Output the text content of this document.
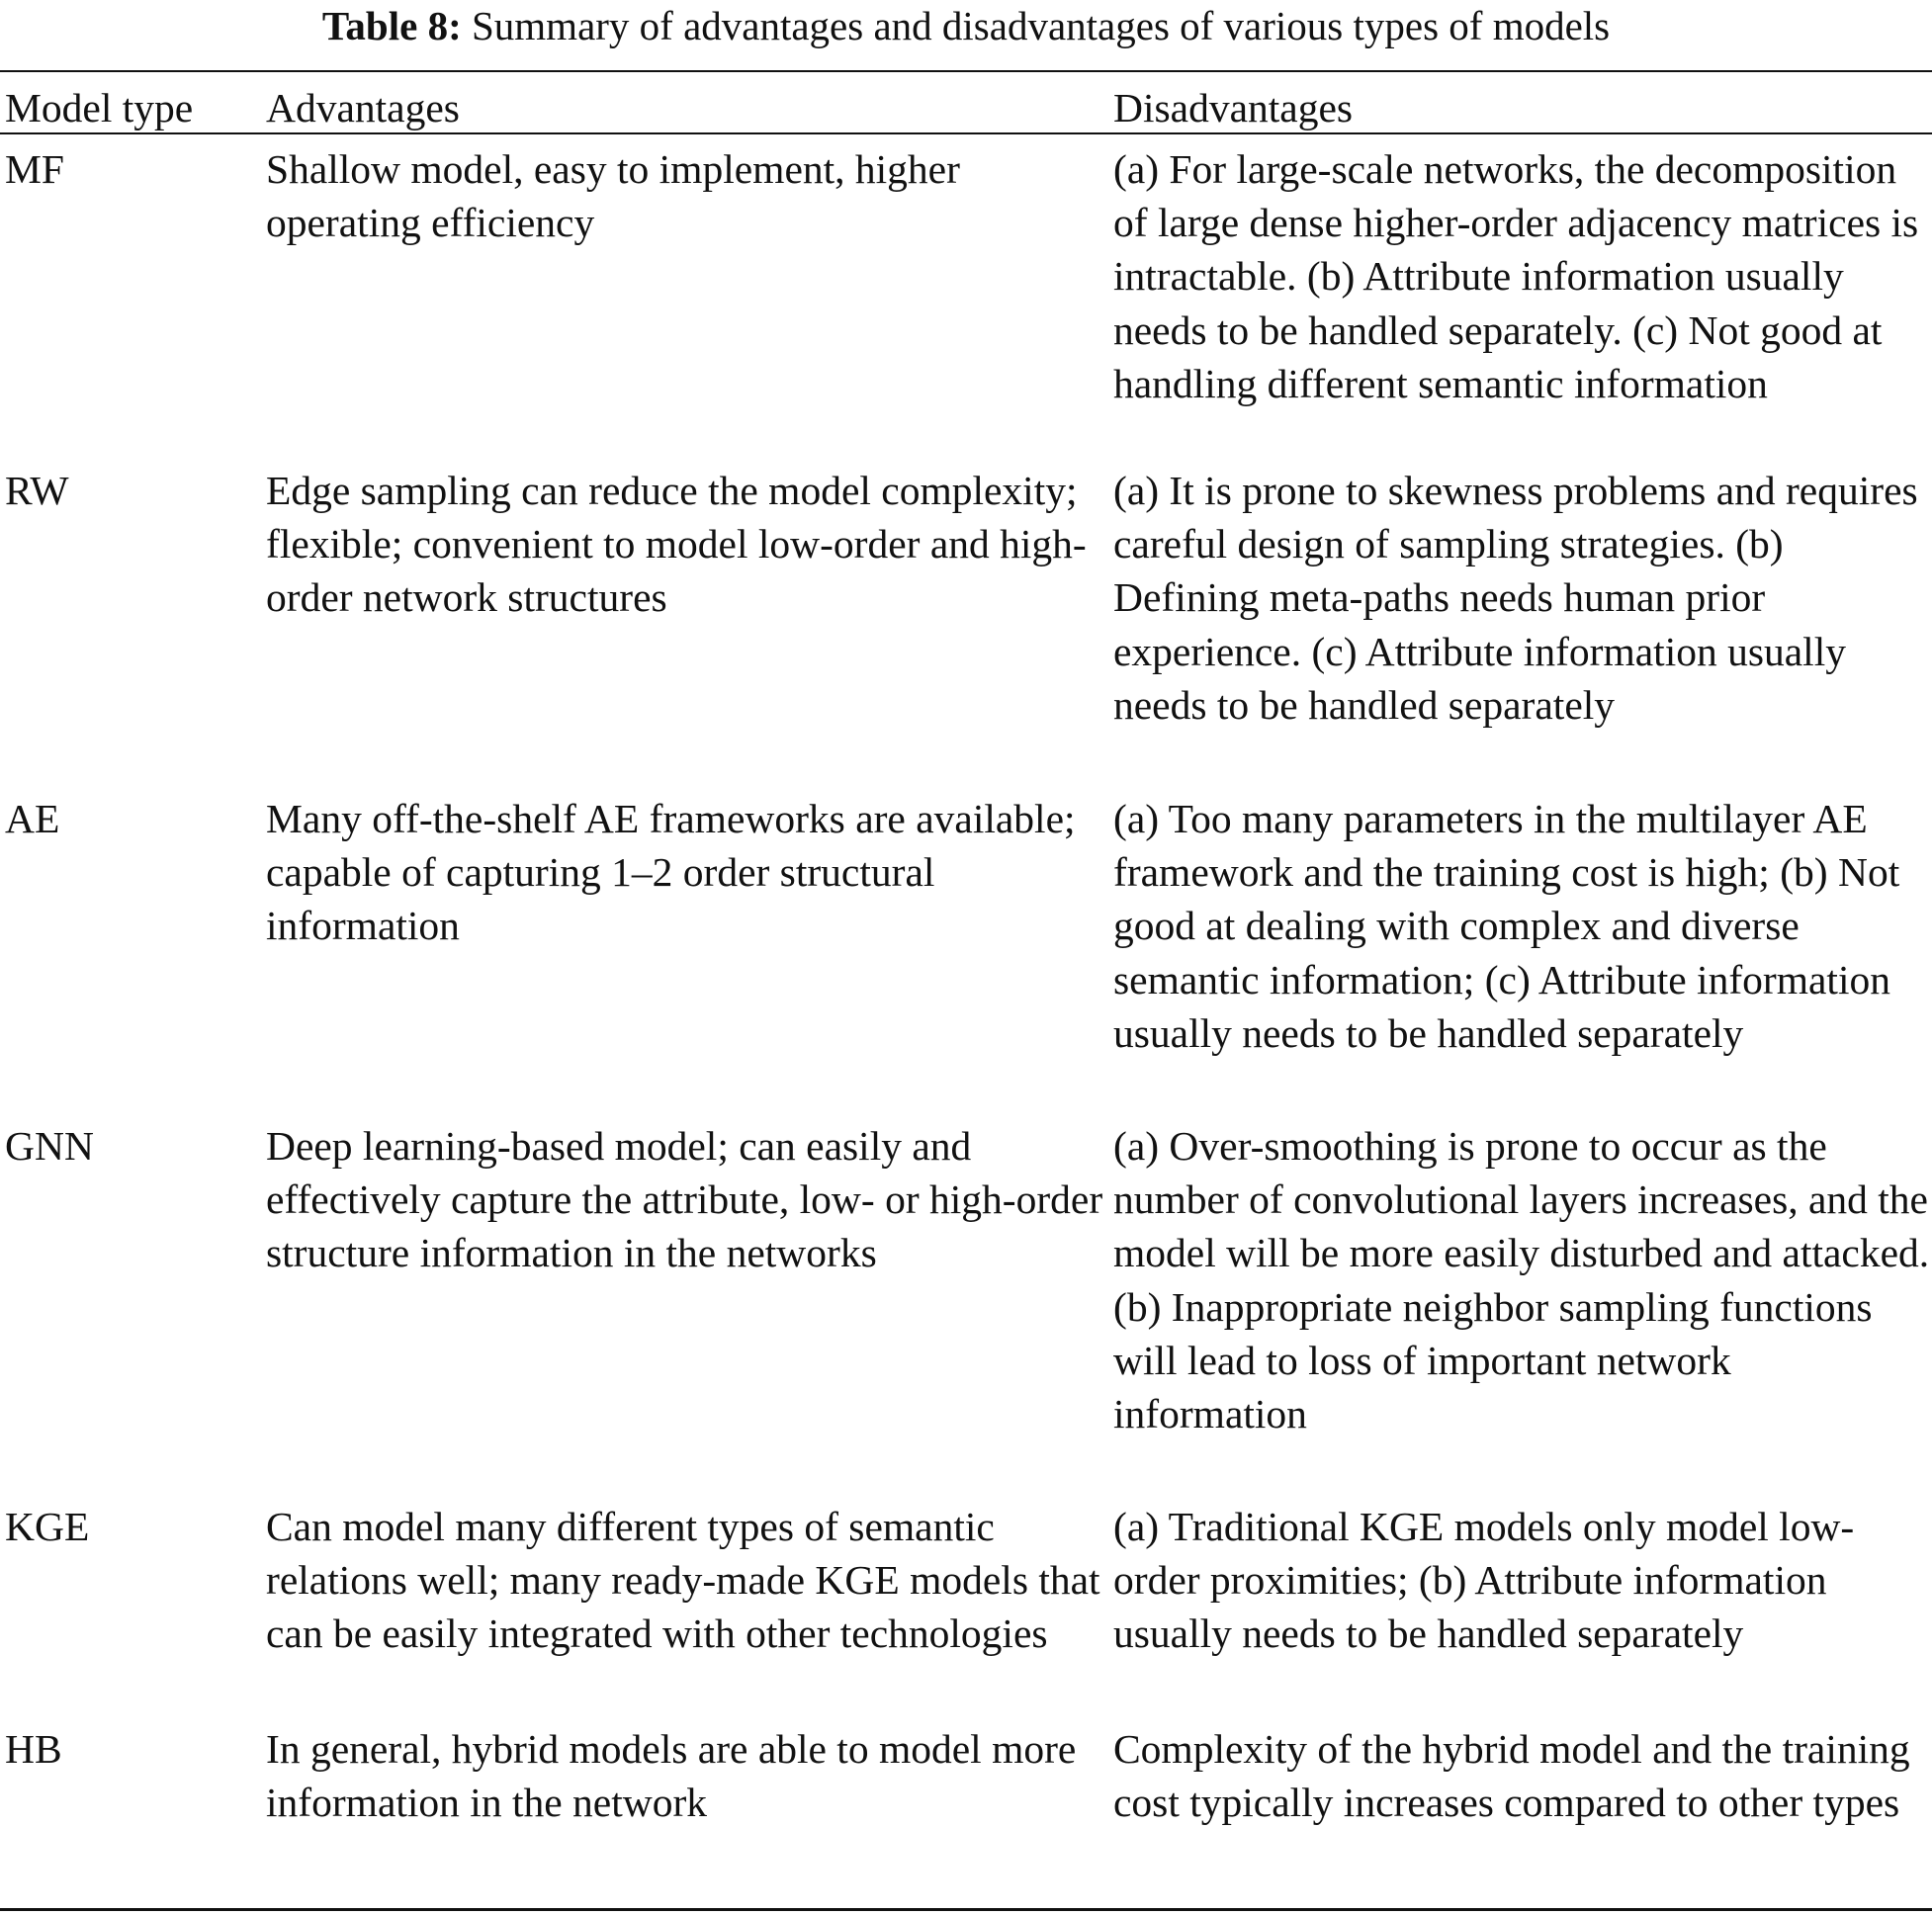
Table 8: Summary of advantages and disadvantages of various types of models
Model type	Advantages	Disadvantages
MF	Shallow model, easy to implement, higher operating efficiency	(a) For large-scale networks, the decomposition of large dense higher-order adjacency matrices is intractable. (b) Attribute information usually needs to be handled separately. (c) Not good at handling different semantic information
RW	Edge sampling can reduce the model complexity; flexible; convenient to model low-order and high-order network structures	(a) It is prone to skewness problems and requires careful design of sampling strategies. (b) Defining meta-paths needs human prior experience. (c) Attribute information usually needs to be handled separately
AE	Many off-the-shelf AE frameworks are available; capable of capturing 1–2 order structural information	(a) Too many parameters in the multilayer AE framework and the training cost is high; (b) Not good at dealing with complex and diverse semantic information; (c) Attribute information usually needs to be handled separately
GNN	Deep learning-based model; can easily and effectively capture the attribute, low- or high-order structure information in the networks	(a) Over-smoothing is prone to occur as the number of convolutional layers increases, and the model will be more easily disturbed and attacked. (b) Inappropriate neighbor sampling functions will lead to loss of important network information
KGE	Can model many different types of semantic relations well; many ready-made KGE models that can be easily integrated with other technologies	(a) Traditional KGE models only model low-order proximities; (b) Attribute information usually needs to be handled separately
HB	In general, hybrid models are able to model more information in the network	Complexity of the hybrid model and the training cost typically increases compared to other types
